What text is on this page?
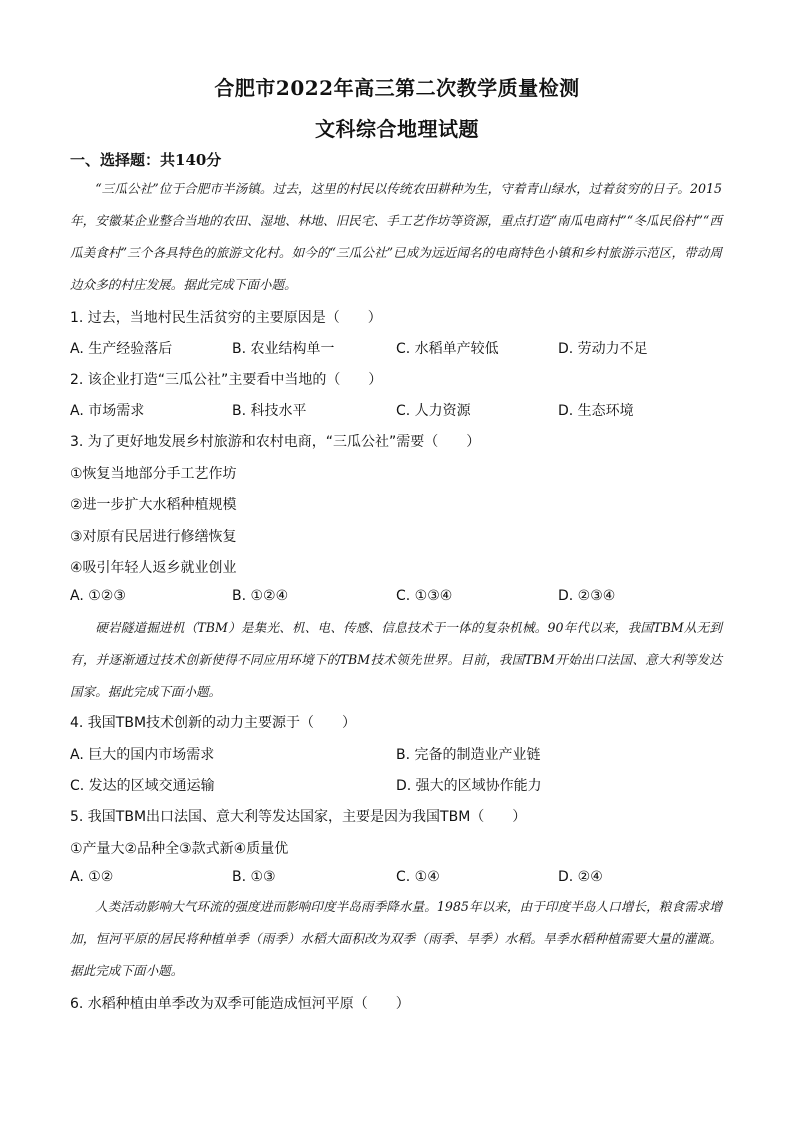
合肥市2022年高三第二次教学质量检测
文科综合地理试题
一、选择题：共140分
“三瓜公社”位于合肥市半汤镇。过去，这里的村民以传统农田耕种为生，守着青山绿水，过着贫穷的日子。2015年，安徽某企业整合当地的农田、湿地、林地、旧民宅、手工艺作坊等资源，重点打造“南瓜电商村”“冬瓜民俗村”“西瓜美食村”三个各具特色的旅游文化村。如今的“三瓜公社”已成为远近闻名的电商特色小镇和乡村旅游示范区，带动周边众多的村庄发展。据此完成下面小题。
1. 过去，当地村民生活贫穷的主要原因是（　　）
A. 生产经验落后	B. 农业结构单一	C. 水稻单产较低	D. 劳动力不足
2. 该企业打造“三瓜公社”主要看中当地的（　　）
A. 市场需求	B. 科技水平	C. 人力资源	D. 生态环境
3. 为了更好地发展乡村旅游和农村电商，“三瓜公社”需要（　　）
①恢复当地部分手工艺作坊
②进一步扩大水稻种植规模
③对原有民居进行修缮恢复
④吸引年轻人返乡就业创业
A. ①②③	B. ①②④	C. ①③④	D. ②③④
硬岩隧道掘进机（TBM）是集光、机、电、传感、信息技术于一体的复杂机械。90年代以来，我国TBM从无到有，并逐渐通过技术创新使得不同应用环境下的TBM技术领先世界。目前，我国TBM开始出口法国、意大利等发达国家。据此完成下面小题。
4. 我国TBM技术创新的动力主要源于（　　）
A. 巨大的国内市场需求	B. 完备的制造业产业链
C. 发达的区域交通运输	D. 强大的区域协作能力
5. 我国TBM出口法国、意大利等发达国家，主要是因为我国TBM（　　）
①产量大②品种全③款式新④质量优
A. ①②	B. ①③	C. ①④	D. ②④
人类活动影响大气环流的强度进而影响印度半岛雨季降水量。1985年以来，由于印度半岛人口增长，粮食需求增加，恒河平原的居民将种植单季（雨季）水稻大面积改为双季（雨季、旱季）水稻。旱季水稻种植需要大量的灌溉。据此完成下面小题。
6. 水稻种植由单季改为双季可能造成恒河平原（　　）
